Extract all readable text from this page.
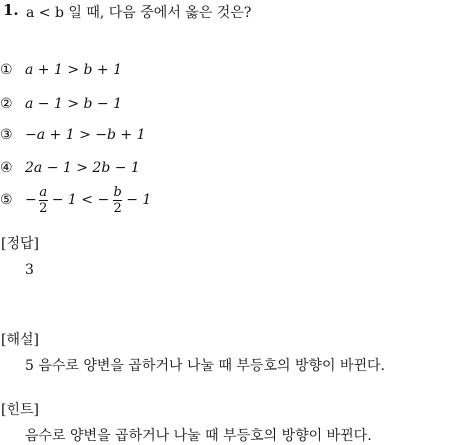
1. a < b 일 때, 다음 중에서 옳은 것은?
① a + 1 > b + 1
② a − 1 > b − 1
③ −a + 1 > −b + 1
④ 2a − 1 > 2b − 1
⑤ − $\frac{a}{2} - 1$ < − $\frac{b}{2} - 1$
[정답]
3
[해설]
5 음수로 양변을 곱하거나 나눌 때 부등호의 방향이 바뀐다.
[힌트]
음수로 양변을 곱하거나 나눌 때 부등호의 방향이 바뀐다.
